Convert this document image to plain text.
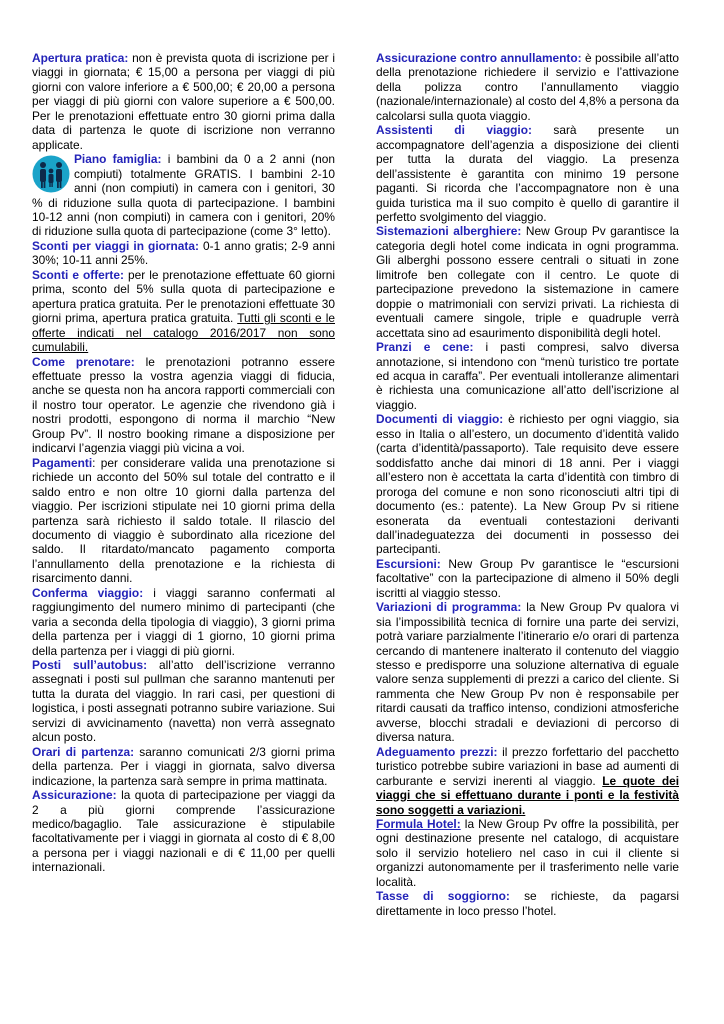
Apertura pratica: non è prevista quota di iscrizione per i viaggi in giornata; € 15,00 a persona per viaggi di più giorni con valore inferiore a € 500,00; € 20,00 a persona per viaggi di più giorni con valore superiore a € 500,00. Per le prenotazioni effettuate entro 30 giorni prima dalla data di partenza le quote di iscrizione non verranno applicate.

Piano famiglia:
i bambini da 0 a 2 anni (non compiuti) totalmente GRATIS. I bambini 2-10 anni (non compiuti) in camera con i genitori, 30 % di riduzione sulla quota di partecipazione. I bambini 10-12 anni (non compiuti) in camera con i genitori, 20% di riduzione sulla quota di partecipazione (come 3° letto).

Sconti per viaggi in giornata: 0-1 anno gratis; 2-9 anni 30%; 10-11 anni 25%.

Sconti e offerte: per le prenotazione effettuate 60 giorni prima, sconto del 5% sulla quota di partecipazione e apertura pratica gratuita. Per le prenotazioni effettuate 30 giorni prima, apertura pratica gratuita. Tutti gli sconti e le offerte indicati nel catalogo 2016/2017 non sono cumulabili.

Come prenotare: le prenotazioni potranno essere effettuate presso la vostra agenzia viaggi di fiducia, anche se questa non ha ancora rapporti commerciali con il nostro tour operator. Le agenzie che rivendono già i nostri prodotti, espongono di norma il marchio “New Group Pv”. Il nostro booking rimane a disposizione per indicarvi l’agenzia viaggi più vicina a voi.

Pagamenti: per considerare valida una prenotazione si richiede un acconto del 50% sul totale del contratto e il saldo entro e non oltre 10 giorni dalla partenza del viaggio. Per iscrizioni stipulate nei 10 giorni prima della partenza sarà richiesto il saldo totale. Il rilascio del documento di viaggio è subordinato alla ricezione del saldo. Il ritardato/mancato pagamento comporta l’annullamento della prenotazione e la richiesta di risarcimento danni.

Conferma viaggio: i viaggi saranno confermati al raggiungimento del numero minimo di partecipanti (che varia a seconda della tipologia di viaggio), 3 giorni prima della partenza per i viaggi di 1 giorno, 10 giorni prima della partenza per i viaggi di più giorni.

Posti sull’autobus: all’atto dell’iscrizione verranno assegnati i posti sul pullman che saranno mantenuti per tutta la durata del viaggio. In rari casi, per questioni di logistica, i posti assegnati potranno subire variazione. Sui servizi di avvicinamento (navetta) non verrà assegnato alcun posto.

Orari di partenza: saranno comunicati 2/3 giorni prima della partenza. Per i viaggi in giornata, salvo diversa indicazione, la partenza sarà sempre in prima mattinata.

Assicurazione: la quota di partecipazione per viaggi da 2 a più giorni comprende l’assicurazione medico/bagaglio. Tale assicurazione è stipulabile facoltativamente per i viaggi in giornata al costo di € 8,00 a persona per i viaggi nazionali e di € 11,00 per quelli internazionali.

Assicurazione contro annullamento: è possibile all’atto della prenotazione richiedere il servizio e l’attivazione della polizza contro l’annullamento viaggio (nazionale/internazionale) al costo del 4,8% a persona da calcolarsi sulla quota viaggio.

Assistenti di viaggio: sarà presente un accompagnatore dell’agenzia a disposizione dei clienti per tutta la durata del viaggio. La presenza dell’assistente è garantita con minimo 19 persone paganti. Si ricorda che l’accompagnatore non è una guida turistica ma il suo compito è quello di garantire il perfetto svolgimento del viaggio.

Sistemazioni alberghiere: New Group Pv garantisce la categoria degli hotel come indicata in ogni programma. Gli alberghi possono essere centrali o situati in zone limitrofe ben collegate con il centro. Le quote di partecipazione prevedono la sistemazione in camere doppie o matrimoniali con servizi privati. La richiesta di eventuali camere singole, triple e quadruple verrà accettata sino ad esaurimento disponibilità degli hotel.

Pranzi e cene: i pasti compresi, salvo diversa annotazione, si intendono con “menù turistico tre portate ed acqua in caraffa”. Per eventuali intolleranze alimentari è richiesta una comunicazione all’atto dell’iscrizione al viaggio.

Documenti di viaggio: è richiesto per ogni viaggio, sia esso in Italia o all’estero, un documento d’identità valido (carta d’identità/passaporto). Tale requisito deve essere soddisfatto anche dai minori di 18 anni. Per i viaggi all’estero non è accettata la carta d’identità con timbro di proroga del comune e non sono riconosciuti altri tipi di documento (es.: patente). La New Group Pv si ritiene esonerata da eventuali contestazioni derivanti dall’inadeguatezza dei documenti in possesso dei partecipanti.

Escursioni: New Group Pv garantisce le “escursioni facoltative” con la partecipazione di almeno il 50% degli iscritti al viaggio stesso.

Variazioni di programma: la New Group Pv qualora vi sia l’impossibilità tecnica di fornire una parte dei servizi, potrà variare parzialmente l’itinerario e/o orari di partenza cercando di mantenere inalterato il contenuto del viaggio stesso e predisporre una soluzione alternativa di eguale valore senza supplementi di prezzi a carico del cliente. Si rammenta che New Group Pv non è responsabile per ritardi causati da traffico intenso, condizioni atmosferiche avverse, blocchi stradali e deviazioni di percorso di diversa natura.

Adeguamento prezzi: il prezzo forfettario del pacchetto turistico potrebbe subire variazioni in base ad aumenti di carburante e servizi inerenti al viaggio. Le quote dei viaggi che si effettuano durante i ponti e la festività sono soggetti a variazioni.

Formula Hotel: la New Group Pv offre la possibilità, per ogni destinazione presente nel catalogo, di acquistare solo il servizio hoteliero nel caso in cui il cliente si organizzi autonomamente per il trasferimento nelle varie località.

Tasse di soggiorno: se richieste, da pagarsi direttamente in loco presso l’hotel.
